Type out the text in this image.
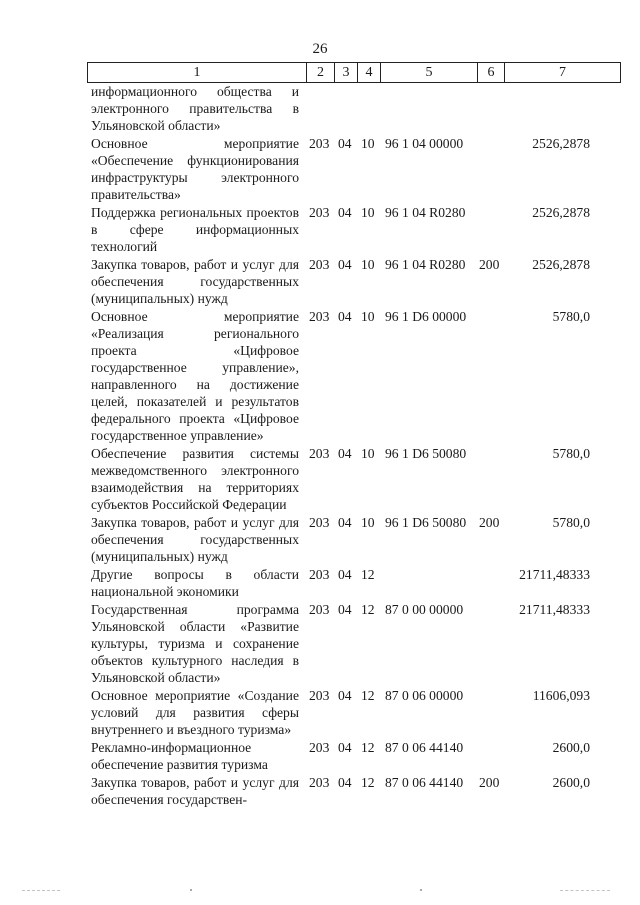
26
1	2	3	4	5	6	7
информационного общества и электронного правительства в Ульяновской области»
Основное мероприятие «Обеспечение функционирования инфраструктуры электронного правительства»
203 04 10 96 1 04 00000	2526,2878
Поддержка региональных проектов в сфере информационных технологий
203 04 10 96 1 04 R0280	2526,2878
Закупка товаров, работ и услуг для обеспечения государственных (муниципальных) нужд
203 04 10 96 1 04 R0280 200 2526,2878
Основное мероприятие «Реализация регионального проекта «Цифровое государственное управление», направленного на достижение целей, показателей и результатов федерального проекта «Цифровое государственное управление»
203 04 10 96 1 D6 00000	5780,0
Обеспечение развития системы межведомственного электронного взаимодействия на территориях субъектов Российской Федерации
203 04 10 96 1 D6 50080	5780,0
Закупка товаров, работ и услуг для обеспечения государственных (муниципальных) нужд
203 04 10 96 1 D6 50080 200	5780,0
Другие вопросы в области национальной экономики
203 04 12	21711,48333
Государственная программа Ульяновской области «Развитие культуры, туризма и сохранение объектов культурного наследия в Ульяновской области»
203 04 12 87 0 00 00000	21711,48333
Основное мероприятие «Создание условий для развития сферы внутреннего и въездного туризма»
203 04 12 87 0 06 00000	11606,093
Рекламно-информационное обеспечение развития туризма
203 04 12 87 0 06 44140	2600,0
Закупка товаров, работ и услуг для обеспечения государствен-
203 04 12 87 0 06 44140 200	2600,0
